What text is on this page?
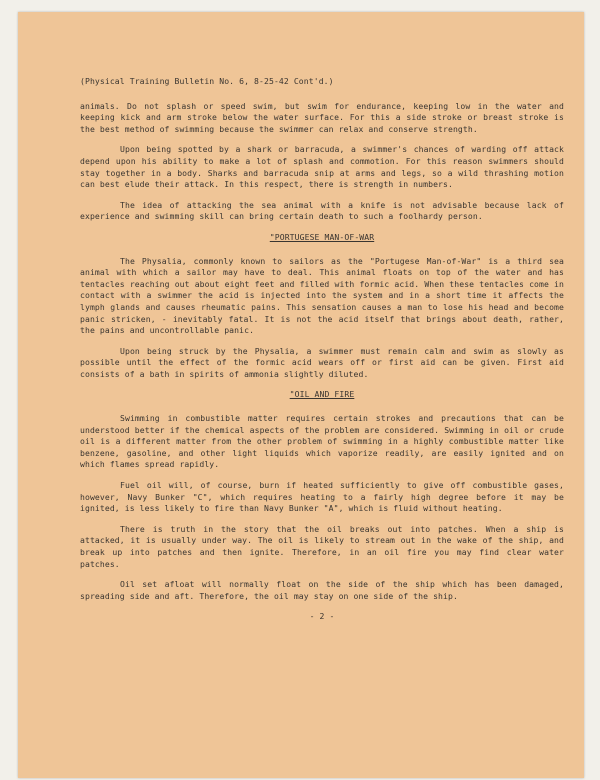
(Physical Training Bulletin No. 6, 8-25-42 Cont'd.)

animals. Do not splash or speed swim, but swim for endurance, keeping low in the water and keeping kick and arm stroke below the water surface. For this a side stroke or breast stroke is the best method of swimming because the swimmer can relax and conserve strength.

Upon being spotted by a shark or barracuda, a swimmer's chances of warding off attack depend upon his ability to make a lot of splash and commotion. For this reason swimmers should stay together in a body. Sharks and barracuda snip at arms and legs, so a wild thrashing motion can best elude their attack. In this respect, there is strength in numbers.

The idea of attacking the sea animal with a knife is not advisable because lack of experience and swimming skill can bring certain death to such a foolhardy person.

"PORTUGESE MAN-OF-WAR

The Physalia, commonly known to sailors as the "Portugese Man-of-War" is a third sea animal with which a sailor may have to deal. This animal floats on top of the water and has tentacles reaching out about eight feet and filled with formic acid. When these tentacles come in contact with a swimmer the acid is injected into the system and in a short time it affects the lymph glands and causes rheumatic pains. This sensation causes a man to lose his head and become panic stricken, - inevitably fatal. It is not the acid itself that brings about death, rather, the pains and uncontrollable panic.

Upon being struck by the Physalia, a swimmer must remain calm and swim as slowly as possible until the effect of the formic acid wears off or first aid can be given. First aid consists of a bath in spirits of ammonia slightly diluted.

"OIL AND FIRE

Swimming in combustible matter requires certain strokes and precautions that can be understood better if the chemical aspects of the problem are considered. Swimming in oil or crude oil is a different matter from the other problem of swimming in a highly combustible matter like benzene, gasoline, and other light liquids which vaporize readily, are easily ignited and on which flames spread rapidly.

Fuel oil will, of course, burn if heated sufficiently to give off combustible gases, however, Navy Bunker "C", which requires heating to a fairly high degree before it may be ignited, is less likely to fire than Navy Bunker "A", which is fluid without heating.

There is truth in the story that the oil breaks out into patches. When a ship is attacked, it is usually under way. The oil is likely to stream out in the wake of the ship, and break up into patches and then ignite. Therefore, in an oil fire you may find clear water patches.

Oil set afloat will normally float on the side of the ship which has been damaged, spreading side and aft. Therefore, the oil may stay on one side of the ship.

- 2 -
